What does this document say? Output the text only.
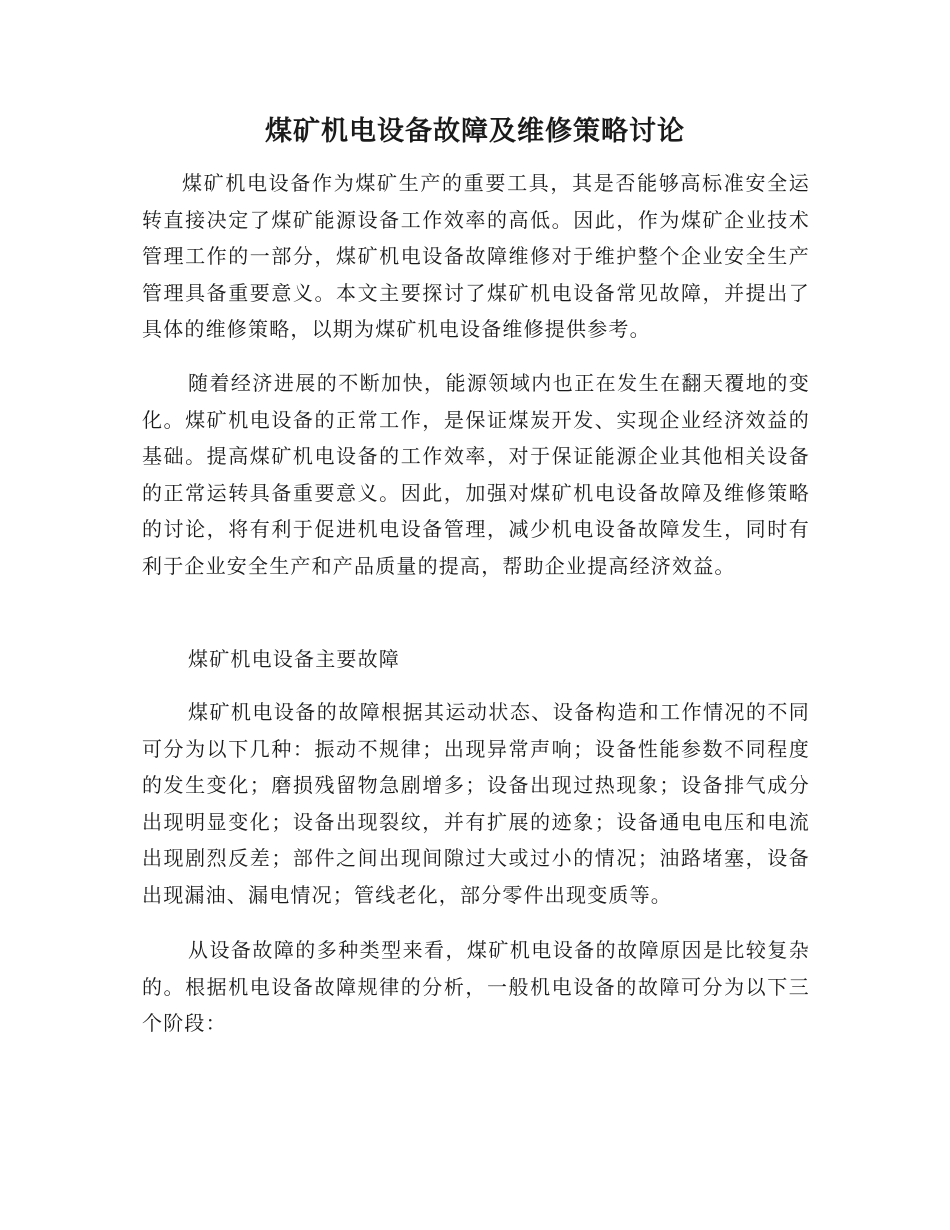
煤矿机电设备故障及维修策略讨论

煤矿机电设备作为煤矿生产的重要工具，其是否能够高标准安全运转直接决定了煤矿能源设备工作效率的高低。因此，作为煤矿企业技术管理工作的一部分，煤矿机电设备故障维修对于维护整个企业安全生产管理具备重要意义。本文主要探讨了煤矿机电设备常见故障，并提出了具体的维修策略，以期为煤矿机电设备维修提供参考。

随着经济进展的不断加快，能源领域内也正在发生在翻天覆地的变化。煤矿机电设备的正常工作，是保证煤炭开发、实现企业经济效益的基础。提高煤矿机电设备的工作效率，对于保证能源企业其他相关设备的正常运转具备重要意义。因此，加强对煤矿机电设备故障及维修策略的讨论，将有利于促进机电设备管理，减少机电设备故障发生，同时有利于企业安全生产和产品质量的提高，帮助企业提高经济效益。

煤矿机电设备主要故障

煤矿机电设备的故障根据其运动状态、设备构造和工作情况的不同可分为以下几种：振动不规律；出现异常声响；设备性能参数不同程度的发生变化；磨损残留物急剧增多；设备出现过热现象；设备排气成分出现明显变化；设备出现裂纹，并有扩展的迹象；设备通电电压和电流出现剧烈反差；部件之间出现间隙过大或过小的情况；油路堵塞，设备出现漏油、漏电情况；管线老化，部分零件出现变质等。

从设备故障的多种类型来看，煤矿机电设备的故障原因是比较复杂的。根据机电设备故障规律的分析，一般机电设备的故障可分为以下三个阶段：
